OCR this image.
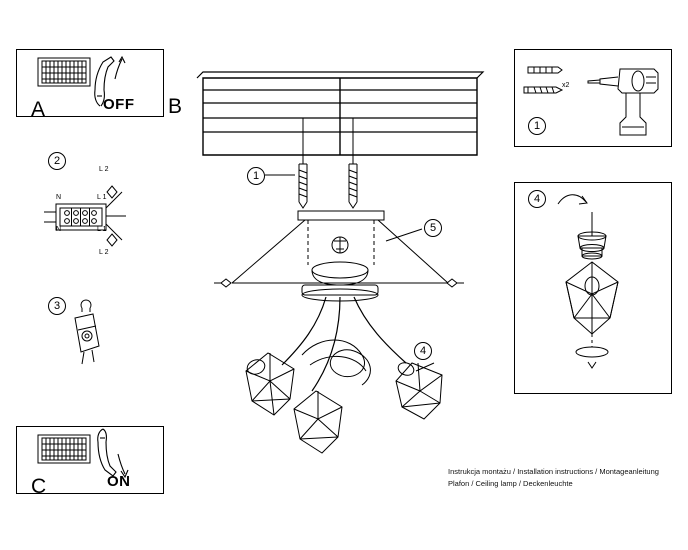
A	OFF
2
L 2
N	L 1
N	L 1
L 2
3
C	ON
1
x2
4
B
1
5
4
Instrukcja montażu / Installation instructions / Montageanleitung
Plafon / Ceiling lamp / Deckenleuchte
